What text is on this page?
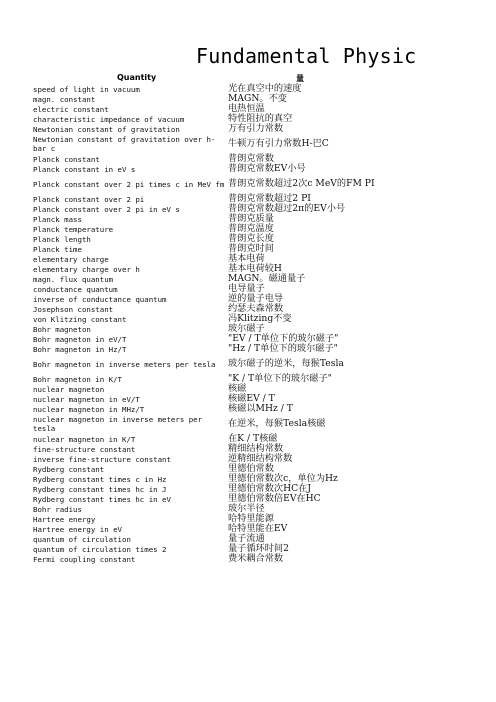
Fundamental Physic
Quantity	量
speed of light in vacuum	光在真空中的速度
magn. constant	MAGN。不变
electric constant	电热恒温
characteristic impedance of vacuum	特性阻抗的真空
Newtonian constant of gravitation	万有引力常数
Newtonian constant of gravitation over h-bar c	牛顿万有引力常数H-巴C
Planck constant	普朗克常数
Planck constant in eV s	普朗克常数EV小号
Planck constant over 2 pi times c in MeV fm 普朗克常数超过2次c MeV的FM PI
Planck constant over 2 pi	普朗克常数超过2 PI
Planck constant over 2 pi in eV s	普朗克常数超过2π的EV小号
Planck mass	普朗克质量
Planck temperature	普朗克温度
Planck length	普朗克长度
Planck time	普朗克时间
elementary charge	基本电荷
elementary charge over h	基本电荷较H
magn. flux quantum	MAGN。磁通量子
conductance quantum	电导量子
inverse of conductance quantum	逆的量子电导
Josephson constant	约瑟夫森常数
von Klitzing constant	冯Klitzing不变
Bohr magneton	玻尔磁子
Bohr magneton in eV/T	"EV / T单位下的玻尔磁子"
Bohr magneton in Hz/T	"Hz / T单位下的玻尔磁子"
Bohr magneton in inverse meters per tesla	玻尔磁子的逆米，每猴Tesla
Bohr magneton in K/T	"K / T单位下的玻尔磁子"
nuclear magneton	核磁
nuclear magneton in eV/T	核磁EV / T
nuclear magneton in MHz/T	核磁以MHz / T
nuclear magneton in inverse meters per tesla	在逆米，每猴Tesla核磁
nuclear magneton in K/T	在K / T核磁
fine-structure constant	精细结构常数
inverse fine-structure constant	逆精细结构常数
Rydberg constant	里德伯常数
Rydberg constant times c in Hz	里德伯常数次c，单位为Hz
Rydberg constant times hc in J	里德伯常数次HC在J
Rydberg constant times hc in eV	里德伯常数倍EV在HC
Bohr radius	玻尔半径
Hartree energy	哈特里能源
Hartree energy in eV	哈特里能在EV
quantum of circulation	量子流通
quantum of circulation times 2	量子循环时间2
Fermi coupling constant	费米耦合常数
